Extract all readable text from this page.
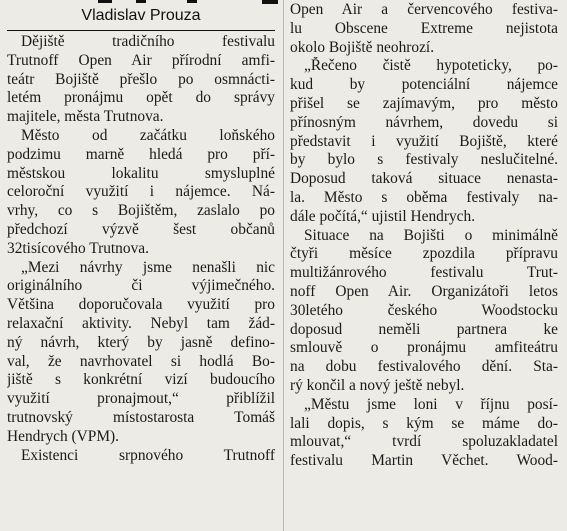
Vladislav Prouza
Dějiště tradičního festivalu
Trutnoff Open Air přírodní amfi-
teátr Bojiště přešlo po osmnácti-
letém pronájmu opět do správy
majitele, města Trutnova.
Město od začátku loňského
podzimu marně hledá pro pří-
městskou lokalitu smysluplné
celoroční využití i nájemce. Ná-
vrhy, co s Bojištěm, zaslalo po
předchozí výzvě šest občanů
32tisícového Trutnova.
„Mezi návrhy jsme nenašli nic
originálního či výjimečného.
Většina doporučovala využití pro
relaxační aktivity. Nebyl tam žád-
ný návrh, který by jasně defino-
val, že navrhovatel si hodlá Bo-
jiště s konkrétní vizí budoucího
využití pronajmout,“ přiblížil
trutnovský místostarosta Tomáš
Hendrych (VPM).
Existenci srpnového Trutnoff
Open Air a červencového festiva-
lu Obscene Extreme nejistota
okolo Bojiště neohrozí.
„Řečeno čistě hypoteticky, po-
kud by potenciální nájemce
přišel se zajímavým, pro město
přínosným návrhem, dovedu si
představit i využití Bojiště, které
by bylo s festivaly neslučitelné.
Doposud taková situace nenasta-
la. Město s oběma festivaly na-
dále počítá,“ ujistil Hendrych.
Situace na Bojišti o minimálně
čtyři měsíce zpozdila přípravu
multižánrového festivalu Trut-
noff Open Air. Organizátoři letos
30letého českého Woodstocku
doposud neměli partnera ke
smlouvě o pronájmu amfiteátru
na dobu festivalového dění. Sta-
rý končil a nový ještě nebyl.
„Městu jsme loni v říjnu posí-
lali dopis, s kým se máme do-
mlouvat,“ tvrdí spoluzakladatel
festivalu Martin Věchet. Wood-
